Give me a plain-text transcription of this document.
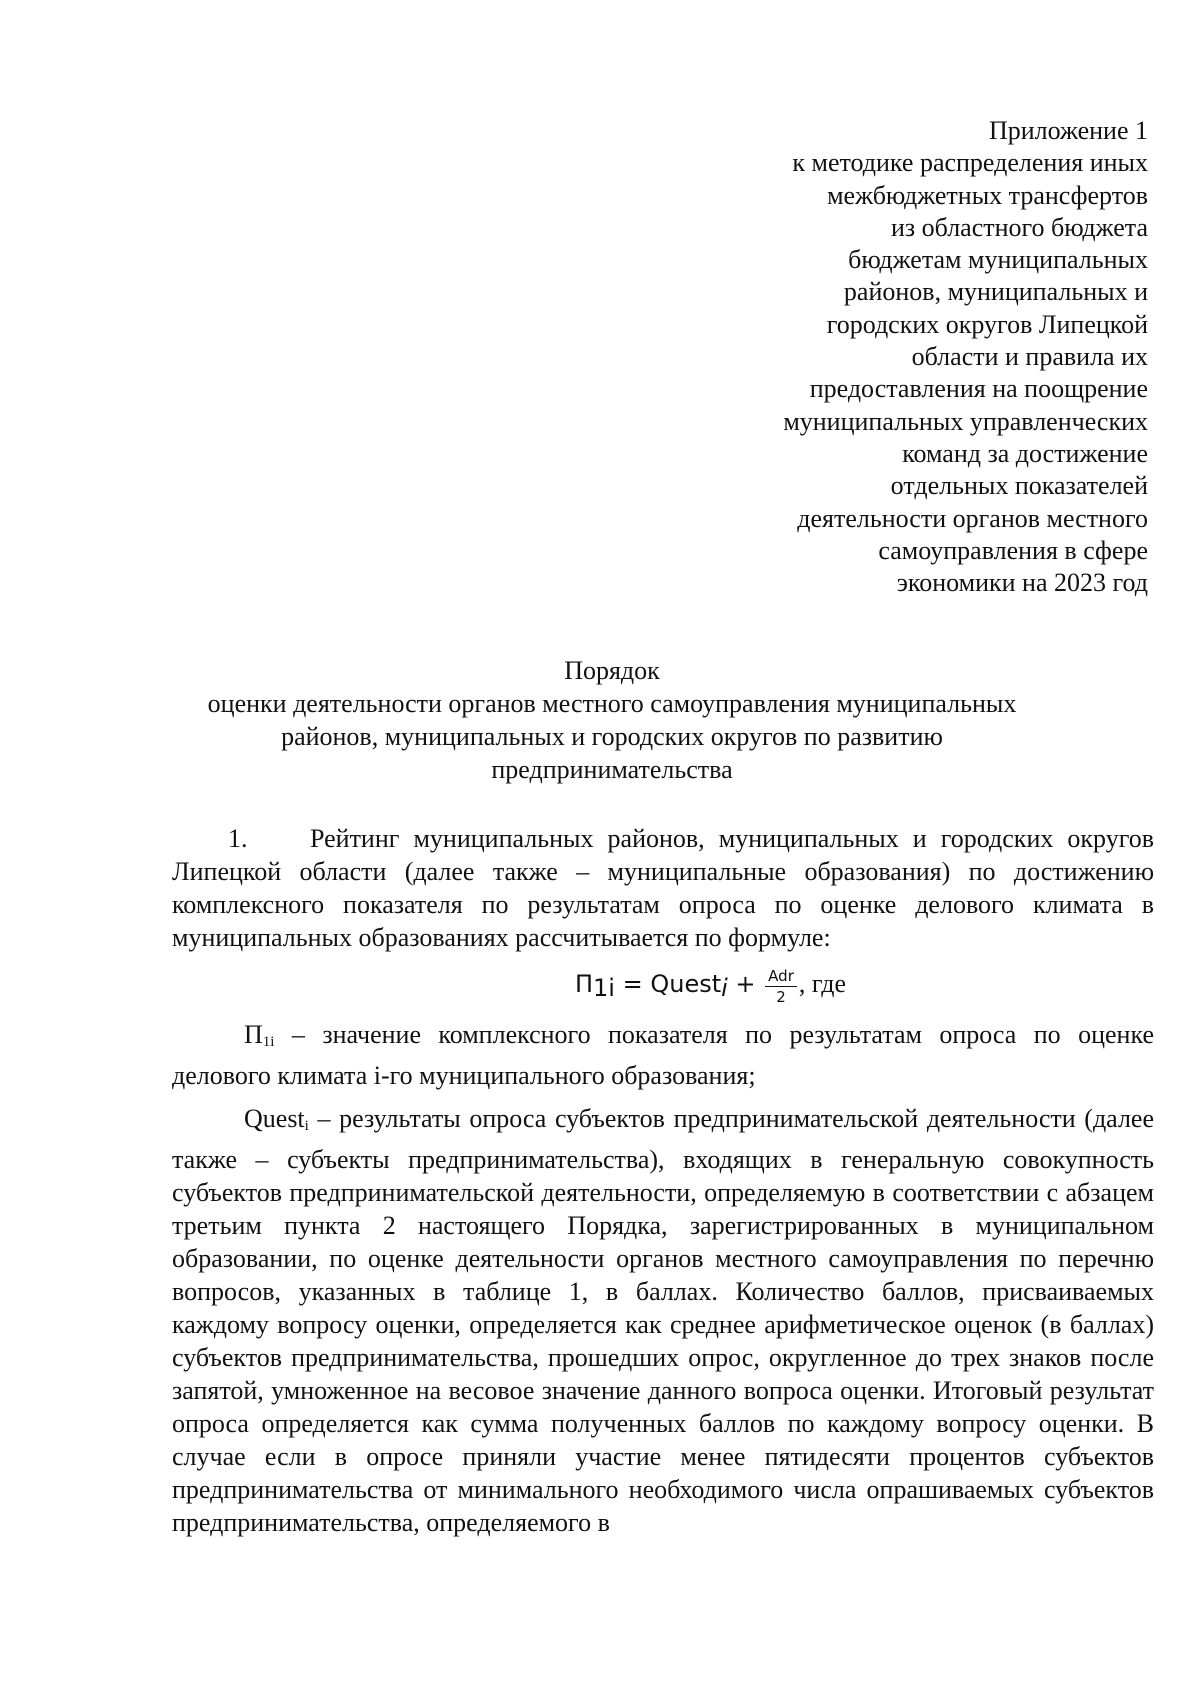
Приложение 1
к методике распределения иных
межбюджетных трансфертов
из областного бюджета
бюджетам муниципальных
районов, муниципальных и
городских округов Липецкой
области и правила их
предоставления на поощрение
муниципальных управленческих
команд за достижение
отдельных показателей
деятельности органов местного
самоуправления в сфере
экономики на 2023 год
Порядок
оценки деятельности органов местного самоуправления муниципальных
районов, муниципальных и городских округов по развитию
предпринимательства

1. Рейтинг муниципальных районов, муниципальных и городских округов Липецкой области (далее также – муниципальные образования) по достижению комплексного показателя по результатам опроса по оценке делового климата в муниципальных образованиях рассчитывается по формуле:

$П_{1i}$ = Quest$_i$ + $\frac{\text{Adr}}{2}$ , где

П1i – значение комплексного показателя по результатам опроса по оценке делового климата i-го муниципального образования;

Questi – результаты опроса субъектов предпринимательской деятельности (далее также – субъекты предпринимательства), входящих в генеральную совокупность субъектов предпринимательской деятельности, определяемую в соответствии с абзацем третьим пункта 2 настоящего Порядка, зарегистрированных в муниципальном образовании, по оценке деятельности органов местного самоуправления по перечню вопросов, указанных в таблице 1, в баллах. Количество баллов, присваиваемых каждому вопросу оценки, определяется как среднее арифметическое оценок (в баллах) субъектов предпринимательства, прошедших опрос, округленное до трех знаков после запятой, умноженное на весовое значение данного вопроса оценки. Итоговый результат опроса определяется как сумма полученных баллов по каждому вопросу оценки. В случае если в опросе приняли участие менее пятидесяти процентов субъектов предпринимательства от минимального необходимого числа опрашиваемых субъектов предпринимательства, определяемого в
